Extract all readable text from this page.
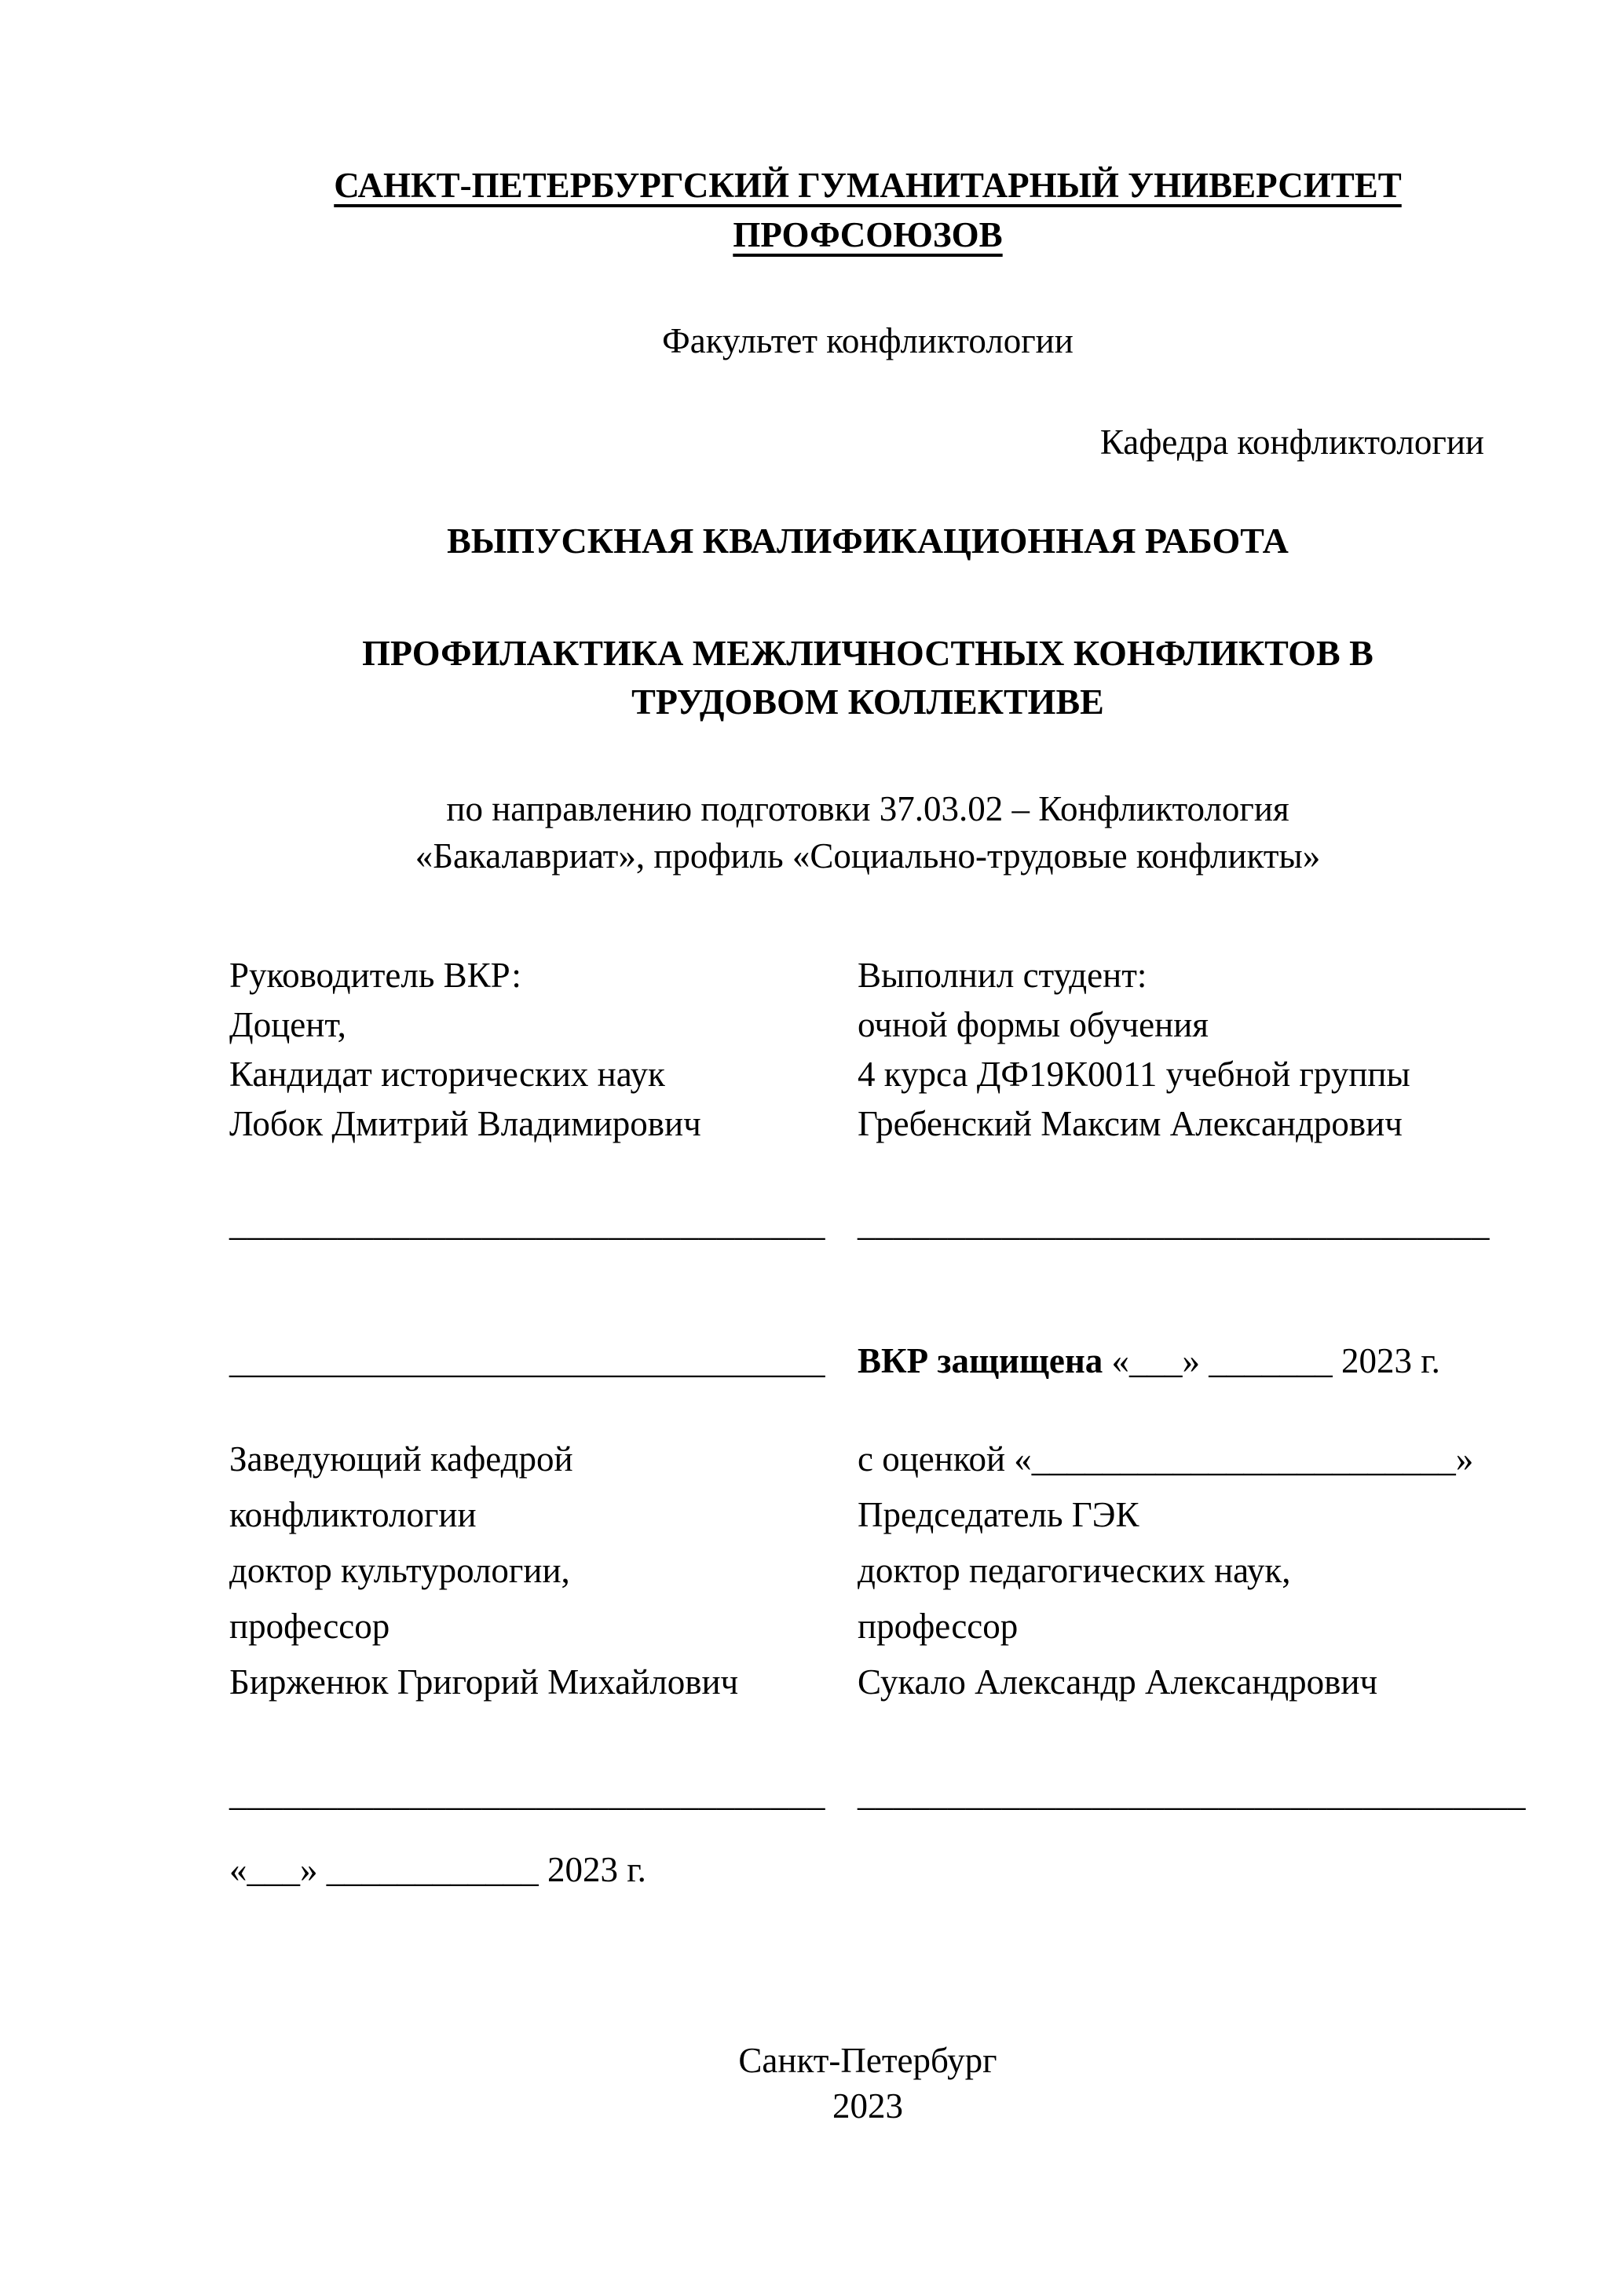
САНКТ-ПЕТЕРБУРГСКИЙ ГУМАНИТАРНЫЙ УНИВЕРСИТЕТ ПРОФСОЮЗОВ
Факультет конфликтологии
Кафедра конфликтологии
ВЫПУСКНАЯ КВАЛИФИКАЦИОННАЯ РАБОТА
ПРОФИЛАКТИКА МЕЖЛИЧНОСТНЫХ КОНФЛИКТОВ В
ТРУДОВОМ КОЛЛЕКТИВЕ
по направлению подготовки 37.03.02 – Конфликтология
«Бакалавриат», профиль «Социально-трудовые конфликты»
Руководитель ВКР:
Доцент,
Кандидат исторических наук
Лобок Дмитрий Владимирович
Выполнил студент:
очной формы обучения
4 курса ДФ19К0011 учебной группы
Гребенский Максим Александрович
_________________________________ ___________________________________
_________________________________ ВКР защищена «___» _______ 2023 г.
Заведующий кафедрой
конфликтологии
доктор культурологии,
профессор
Бирженюк Григорий Михайлович
с оценкой «________________________»
Председатель ГЭК
доктор педагогических наук,
профессор
Сукало Александр Александрович
_________________________________ _____________________________________
«___» ____________ 2023 г.
Санкт-Петербург
2023
